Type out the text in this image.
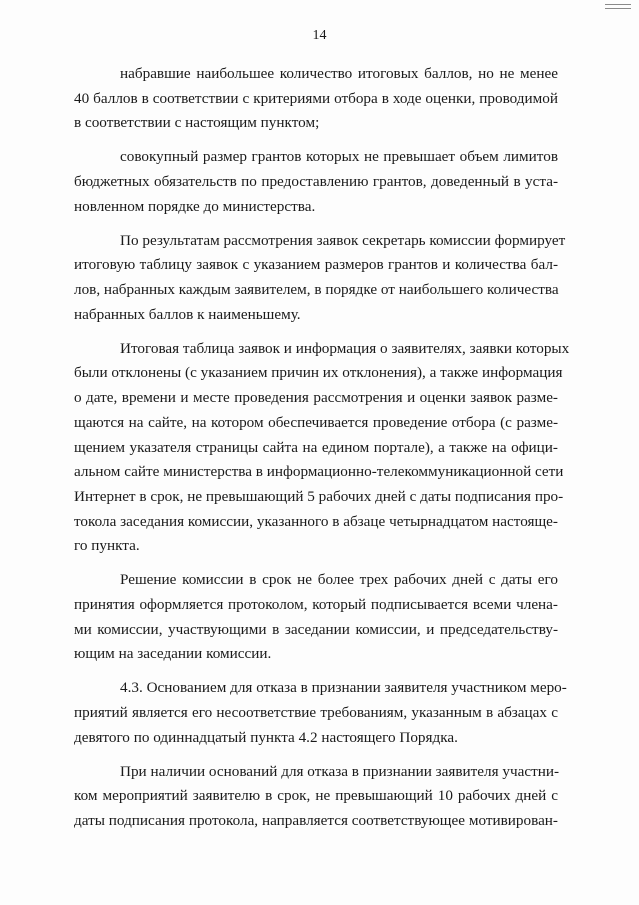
14
набравшие наибольшее количество итоговых баллов, но не менее
40 баллов в соответствии с критериями отбора в ходе оценки, проводимой
в соответствии с настоящим пунктом;
совокупный размер грантов которых не превышает объем лимитов
бюджетных обязательств по предоставлению грантов, доведенный в уста-
новленном порядке до министерства.
По результатам рассмотрения заявок секретарь комиссии формирует
итоговую таблицу заявок с указанием размеров грантов и количества бал-
лов, набранных каждым заявителем, в порядке от наибольшего количества
набранных баллов к наименьшему.
Итоговая таблица заявок и информация о заявителях, заявки которых
были отклонены (с указанием причин их отклонения), а также информация
о дате, времени и месте проведения рассмотрения и оценки заявок разме-
щаются на сайте, на котором обеспечивается проведение отбора (с разме-
щением указателя страницы сайта на едином портале), а также на офици-
альном сайте министерства в информационно-телекоммуникационной сети
Интернет в срок, не превышающий 5 рабочих дней с даты подписания про-
токола заседания комиссии, указанного в абзаце четырнадцатом настояще-
го пункта.
Решение комиссии в срок не более трех рабочих дней с даты его
принятия оформляется протоколом, который подписывается всеми члена-
ми комиссии, участвующими в заседании комиссии, и председательству-
ющим на заседании комиссии.
4.3. Основанием для отказа в признании заявителя участником меро-
приятий является его несоответствие требованиям, указанным в абзацах с
девятого по одиннадцатый пункта 4.2 настоящего Порядка.
При наличии оснований для отказа в признании заявителя участни-
ком мероприятий заявителю в срок, не превышающий 10 рабочих дней с
даты подписания протокола, направляется соответствующее мотивирован-
